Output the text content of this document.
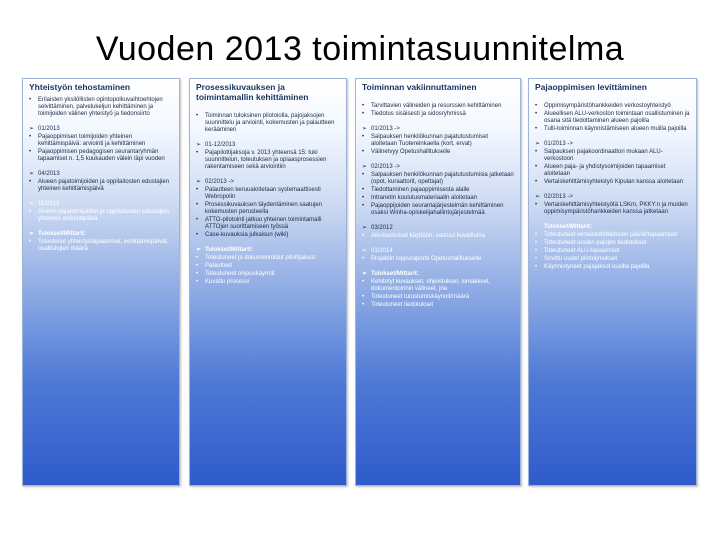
Vuoden 2013 toimintasuunnitelma
Yhteistyön tehostaminen
•	Erilaisten yksilöllisten opintopolkuvaihtoehtojen selvittäminen, palvelukeljun kehittäminen ja toimijoiden välinen yhteistyö ja tiedonsiirto
➢ 01/2013
•	Pajaoppimisen toimijoiden yhteinen kehittämispäivä: arviointi ja kehittäminen
•	Pajaoppimisen pedagogisen seurantaryhmän tapaamiset n. 1,5 kuukauden välein läpi vuoden
➢ 04/2013
•	Alueen pajatoimijoiden ja oppilaitosten edustajien yhteinen kehittämispäivä
➢ 11/2013
•	Alueen pajatoimijoiden ja oppilaitosten edustajien yhteinen arviointipäivä
➢ Tulokset/Mittarit:
•	Toteutunut yhteistyötapaamiset, kehittämispäivät, osallistujien määrä
Prosessikuvauksen ja toimintamallin kehittäminen
•	Toiminnan tuloksinen pilotoiolla, pajojaksojen suunnittelu ja arviointi, kokemusten ja palautteen kerääminen
➢ 01-12/2013
•	Pajapilottijaksoja v. 2013 yhteensä 15: tuki suunnittelun, toteutuksen ja opiaasprosessien rakentamiseen sekä arviointiin
➢ 02/2013 ->
•	Palautteen keruualoitetaan systemaattisesti Webropolin
•	Prosessikuvauksen täydentäminen saatujen kokemusten perusteella
•	ATTO-pilotointi jatkuu yhteinen toimintamalli ATTOjen suorittamiseen työssä
•	Case-kuvauksia julkaisun (wiki)
➢ Tulokset/Mittarit:
•	Toteutuneet ja dokumentoidut pilottijaksot
•	Palautteet
•	Toteutuneet ohjauskäynnit
•	Kuvattu prosessi
Toiminnan vakiinnuttaminen
•	Tarvittavien välineiden ja resurssien kehittäminen
•	Tiedotus sisäisesti ja sidosryhmissä
➢ 01/2013 ->
•	Salpauksen henkilökunnan pajatutustumiset aloitetaan Tuotereinkaella (kort, ervat)
•	Välinetvyy Opetushallitukselle
➢ 02/2013 ->
•	Salpauksen henkilökunnan pajatutustumisia jatketaan (opot, kuraattorit, opettajat)
•	Tiedottaminen pajaoppimisesta alalle
•	Intranetin koulutusmateriaalin aloitetaan
•	Pajaoppijoiden seurantajärjestelmän kehittäminen osaksi Winha-opiskelijahallintojärjestelmää
➢ 03/2012
•	Aikuisarkuiset käyttöön, vastuut kuvailtuina
➢ 01/2014
•	Projektin loppuraportti Opetushallitukselle
➢ Tulokset/Mittarit:
•	Kehitetyt kuvaukset, ohjeistukset, lomakkeet, dokumentoinnin välineet, jne.
•	Toteutuneet tutustumiskäynnit/määrä
•	Toteutuneet tiedotukset
Pajaoppimisen levittäminen
•	Oppimisympäristöhankkeiden verkostoyhteistyö
•	Alueellisen ALU-verkoston toimintaan osallistuminen ja osana sitä tiedottaminen alueen pajoilla
•	Tulli-toiminnan käynnistämiseen alueen muilla pajoilla
➢ 01/2013 ->
•	Salpauksen pajakoordinaattori mukaan ALU-verkostoon
•	Alueen paja- ja yhdistysoimijoiden tapaamiset aloitetaan
•	Vertaiskehittämisyhteistyö Kipulan kanssa aloitetaan
➢ 02/2013 ->
•	Vertaiskehittämisyhteistyötä LSKm, PKKY:n ja muiden oppimisympäristöhankkeiden kanssa jatketaan
Tulokset/Mittarit:
•	Toteutuneet vertaiskehittämisen päivät/tapaamiset
•	Toteutuneet uusien pajojen tiedotukset
•	Toteutuneet ALU-tapaamiset
•	Sovittu uudet pilotoijmukset
•	Käynnistyneet pajajaksot uusilla pajoilla
